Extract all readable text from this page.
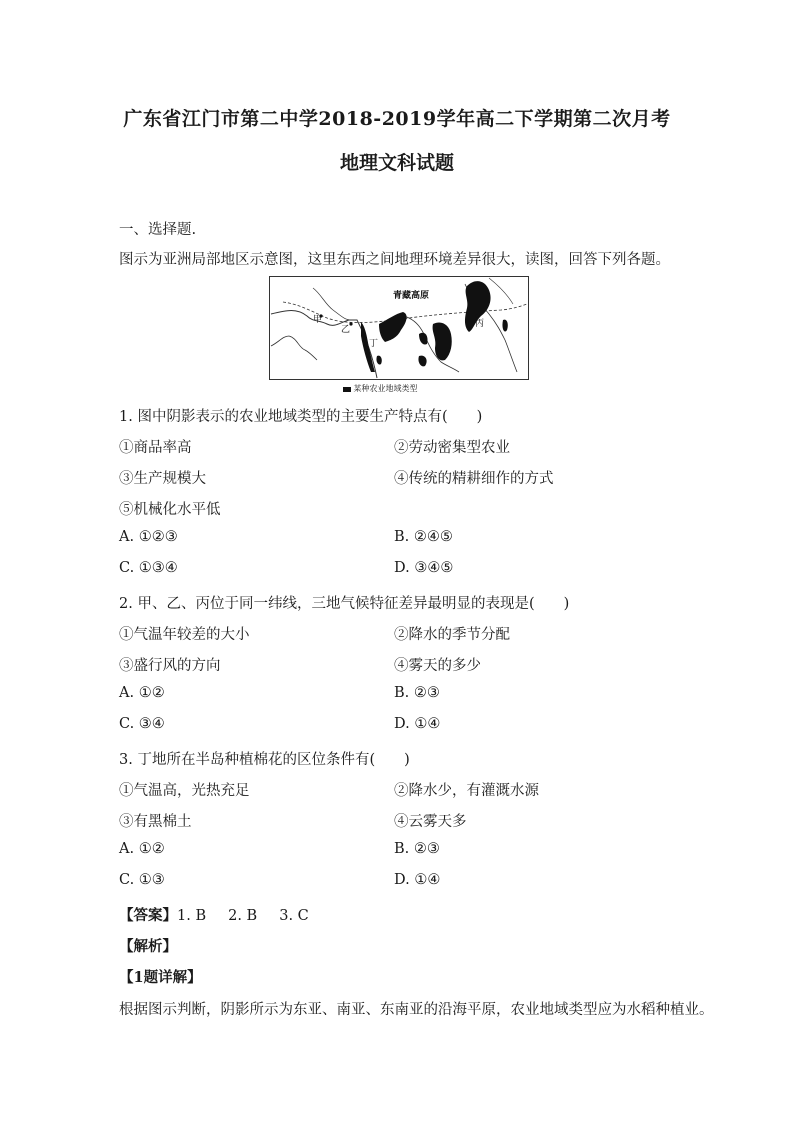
广东省江门市第二中学2018-2019学年高二下学期第二次月考
地理文科试题
一、选择题.
图示为亚洲局部地区示意图，这里东西之间地理环境差异很大，读图，回答下列各题。
甲
乙
丙
丁
青藏高原
某种农业地域类型
1. 图中阴影表示的农业地域类型的主要生产特点有(　　)
①商品率高	②劳动密集型农业
③生产规模大	④传统的精耕细作的方式
⑤机械化水平低
A. ①②③	B. ②④⑤
C. ①③④	D. ③④⑤
2. 甲、乙、丙位于同一纬线，三地气候特征差异最明显的表现是(　　)
①气温年较差的大小	②降水的季节分配
③盛行风的方向	④雾天的多少
A. ①②	B. ②③
C. ③④	D. ①④
3. 丁地所在半岛种植棉花的区位条件有(　　)
①气温高，光热充足	②降水少，有灌溉水源
③有黑棉土	④云雾天多
A. ①②	B. ②③
C. ①③	D. ①④
【答案】1. B 2. B 3. C
【解析】
【1题详解】
根据图示判断，阴影所示为东亚、南亚、东南亚的沿海平原，农业地域类型应为水稻种植业。
